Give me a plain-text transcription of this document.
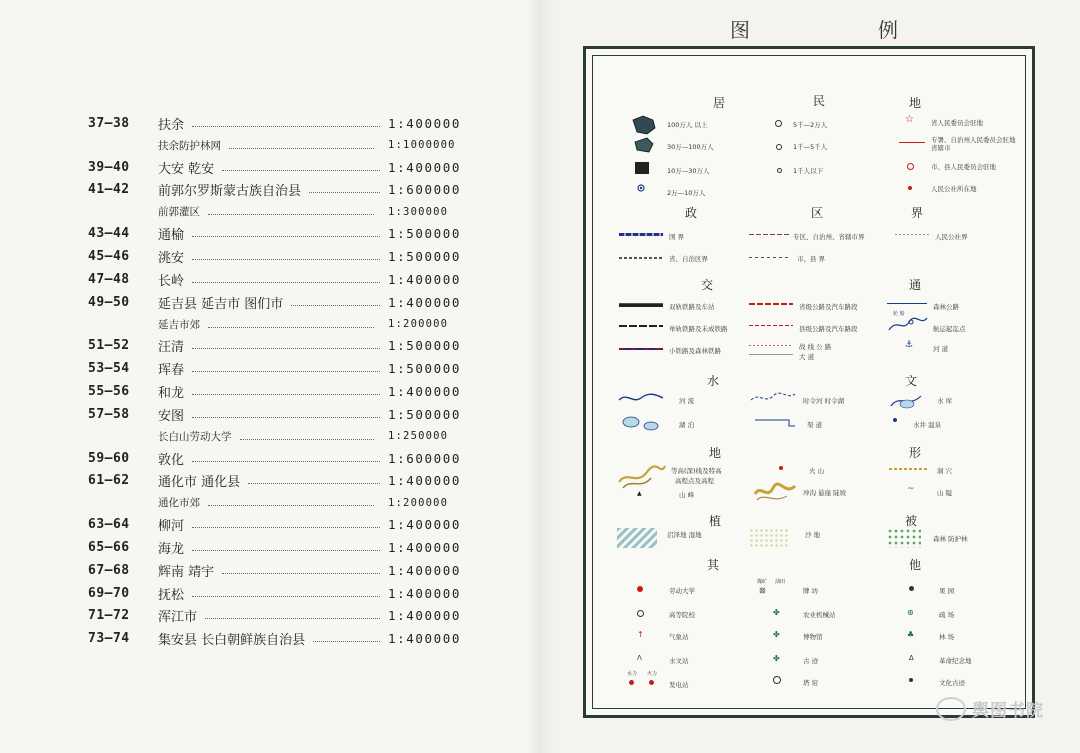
37—38	扶余	1:400000
扶余防护林网	1:1000000
39—40	大安 乾安	1:400000
41—42	前郭尔罗斯蒙古族自治县	1:600000
前郭灌区	1:300000
43—44	通榆	1:500000
45—46	洮安	1:500000
47—48	长岭	1:400000
49—50	延吉县 延吉市 图们市	1:400000
延吉市郊	1:200000
51—52	汪清	1:500000
53—54	珲春	1:500000
55—56	和龙	1:400000
57—58	安图	1:500000
长白山劳动大学	1:250000
59—60	敦化	1:600000
61—62	通化市 通化县	1:400000
通化市郊	1:200000
63—64	柳河	1:400000
65—66	海龙	1:400000
67—68	辉南 靖宇	1:400000
69—70	抚松	1:400000
71—72	浑江市	1:400000
73—74	集安县 长白朝鲜族自治县	1:400000
图	例
居	民	地
100万人 以上
30万—100万人
10万—30万人
2万—10万人
5千—2万人
1千—5千人
1千人以下
☆	省人民委员会驻地
专署、自治州人民委员会驻地 省辖市
市、县人民委员会驻地
人民公社所在地
政	区	界
国 界
省、自治区界
专区、自治州、省辖市界
市、县 界
人民公社界
交	通
双轨铁路及车站
单轨铁路及未成铁路
小铁路及森林铁路
省级公路及汽车路段
县级公路及汽车路段
战 线 公 路
大 道
森林公路
航运起迄点
轮 船
⚓	河 道
水	文
河 流
湖 泊
时令河 时令湖
渠 道
水 库
水井 温泉
地	形
等高(深)线及特高
高程点及高程
▲	山 峰
火 山
冲沟 悬崖 陡坡
洞 穴
~	山 隘
植	被
沼泽地 湿地	沙 地	森林 防护林
其	他
劳动大学
高等院校
↑	气象站
Λ	水文站
水力 火力
发电站
煤矿 油田
⊠	牌 坊
✤	农业机械站
✤	博物馆
✤	古 迹
塔 窑
果 园
⊛	疏 场
♣	林 场
∆	革命纪念地
文化古迹
舆图书院
